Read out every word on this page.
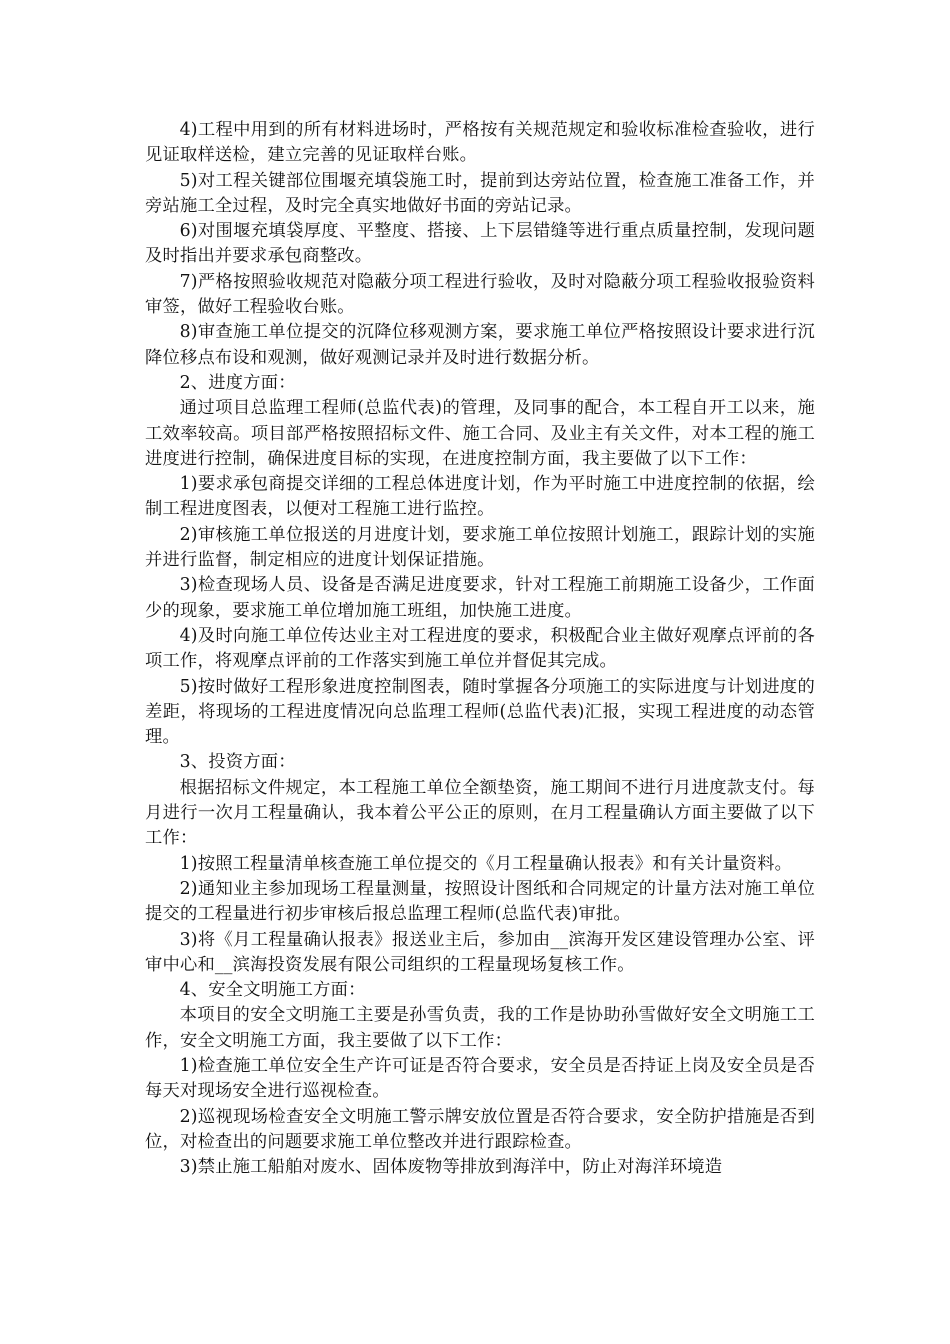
4)工程中用到的所有材料进场时，严格按有关规范规定和验收标准检查验收，进行见证取样送检，建立完善的见证取样台账。

5)对工程关键部位围堰充填袋施工时，提前到达旁站位置，检查施工准备工作，并旁站施工全过程，及时完全真实地做好书面的旁站记录。

6)对围堰充填袋厚度、平整度、搭接、上下层错缝等进行重点质量控制，发现问题及时指出并要求承包商整改。

7)严格按照验收规范对隐蔽分项工程进行验收，及时对隐蔽分项工程验收报验资料审签，做好工程验收台账。

8)审查施工单位提交的沉降位移观测方案，要求施工单位严格按照设计要求进行沉降位移点布设和观测，做好观测记录并及时进行数据分析。

2、进度方面：

通过项目总监理工程师(总监代表)的管理，及同事的配合，本工程自开工以来，施工效率较高。项目部严格按照招标文件、施工合同、及业主有关文件，对本工程的施工进度进行控制，确保进度目标的实现，在进度控制方面，我主要做了以下工作：

1)要求承包商提交详细的工程总体进度计划，作为平时施工中进度控制的依据，绘制工程进度图表，以便对工程施工进行监控。

2)审核施工单位报送的月进度计划，要求施工单位按照计划施工，跟踪计划的实施并进行监督，制定相应的进度计划保证措施。

3)检查现场人员、设备是否满足进度要求，针对工程施工前期施工设备少，工作面少的现象，要求施工单位增加施工班组，加快施工进度。

4)及时向施工单位传达业主对工程进度的要求，积极配合业主做好观摩点评前的各项工作，将观摩点评前的工作落实到施工单位并督促其完成。

5)按时做好工程形象进度控制图表，随时掌握各分项施工的实际进度与计划进度的差距，将现场的工程进度情况向总监理工程师(总监代表)汇报，实现工程进度的动态管理。

3、投资方面：

根据招标文件规定，本工程施工单位全额垫资，施工期间不进行月进度款支付。每月进行一次月工程量确认，我本着公平公正的原则，在月工程量确认方面主要做了以下工作：

1)按照工程量清单核查施工单位提交的《月工程量确认报表》和有关计量资料。

2)通知业主参加现场工程量测量，按照设计图纸和合同规定的计量方法对施工单位提交的工程量进行初步审核后报总监理工程师(总监代表)审批。

3)将《月工程量确认报表》报送业主后，参加由__滨海开发区建设管理办公室、评审中心和__滨海投资发展有限公司组织的工程量现场复核工作。

4、安全文明施工方面：

本项目的安全文明施工主要是孙雪负责，我的工作是协助孙雪做好安全文明施工工作，安全文明施工方面，我主要做了以下工作：

1)检查施工单位安全生产许可证是否符合要求，安全员是否持证上岗及安全员是否每天对现场安全进行巡视检查。

2)巡视现场检查安全文明施工警示牌安放位置是否符合要求，安全防护措施是否到位，对检查出的问题要求施工单位整改并进行跟踪检查。

3)禁止施工船舶对废水、固体废物等排放到海洋中，防止对海洋环境造
